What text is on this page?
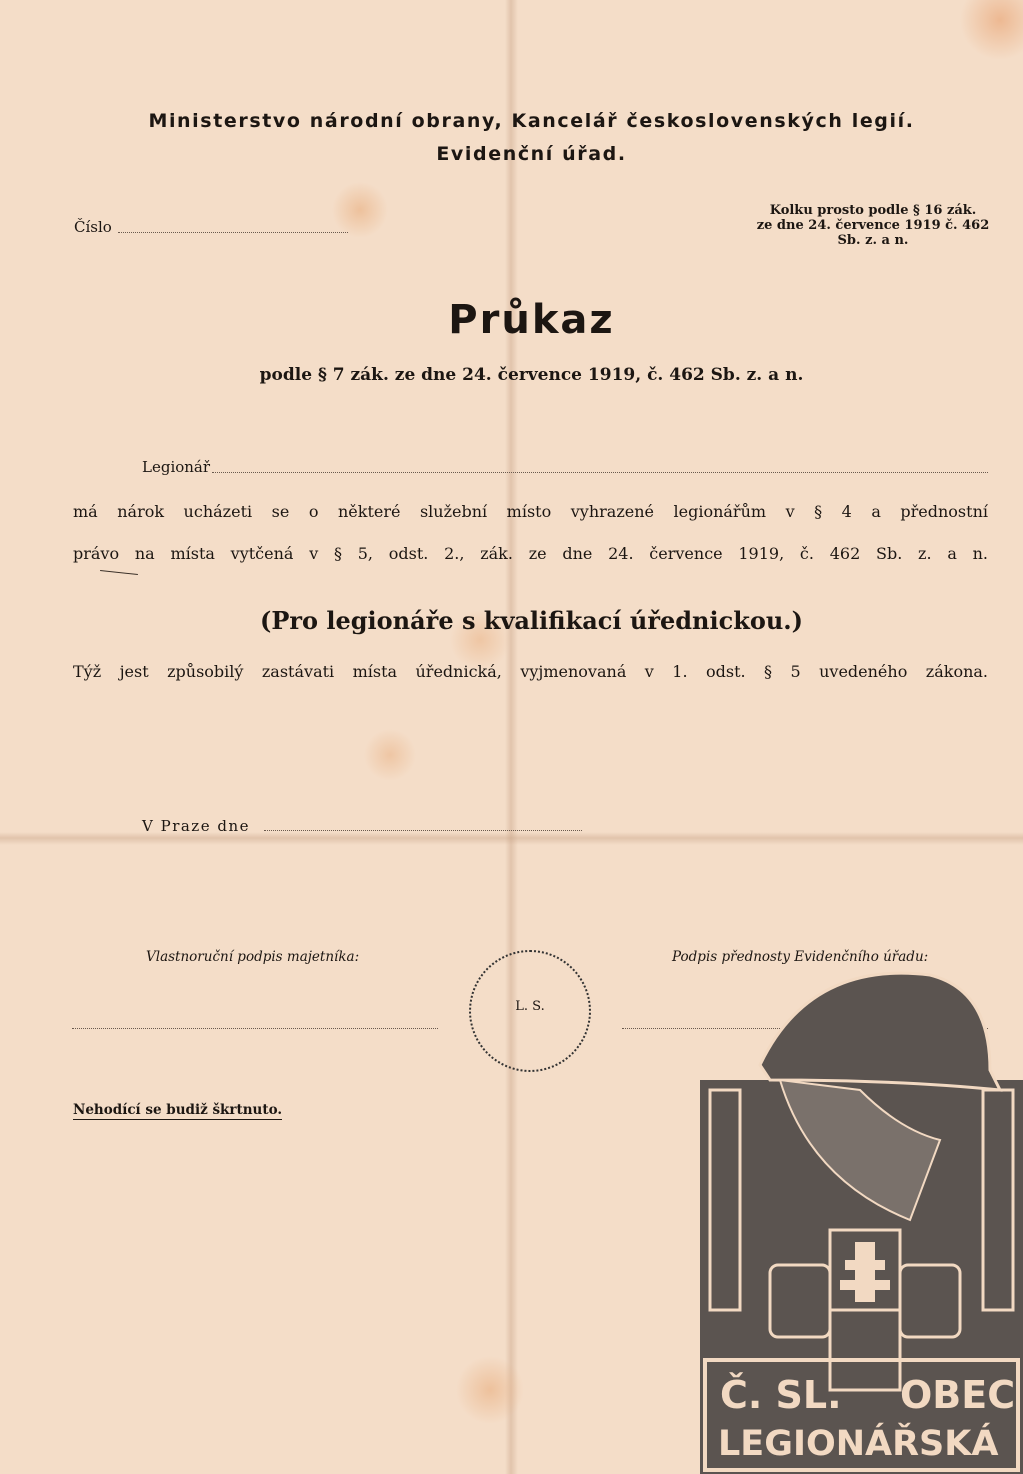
Ministerstvo národní obrany, Kancelář československých legií.
Evidenční úřad.
Číslo
Kolku prosto podle § 16 zák.
ze dne 24. července 1919 č. 462
Sb. z. a n.
Průkaz
podle § 7 zák. ze dne 24. července 1919, č. 462 Sb. z. a n.
Legionář
má nárok ucházeti se o některé služební místo vyhrazené legionářům v § 4 a přednostní
právo na místa vytčená v § 5, odst. 2., zák. ze dne 24. července 1919, č. 462 Sb. z. a n.
(Pro legionáře s kvalifikací úřednickou.)
Týž jest způsobilý zastávati místa úřednická, vyjmenovaná v 1. odst. § 5 uvedeného zákona.
V Praze dne
Vlastnoruční podpis majetníka:
L. S.
Podpis přednosty Evidenčního úřadu:
Nehodící se budiž škrtnuto.
Č. SL. OBEC
LEGIONÁŘSKÁ
